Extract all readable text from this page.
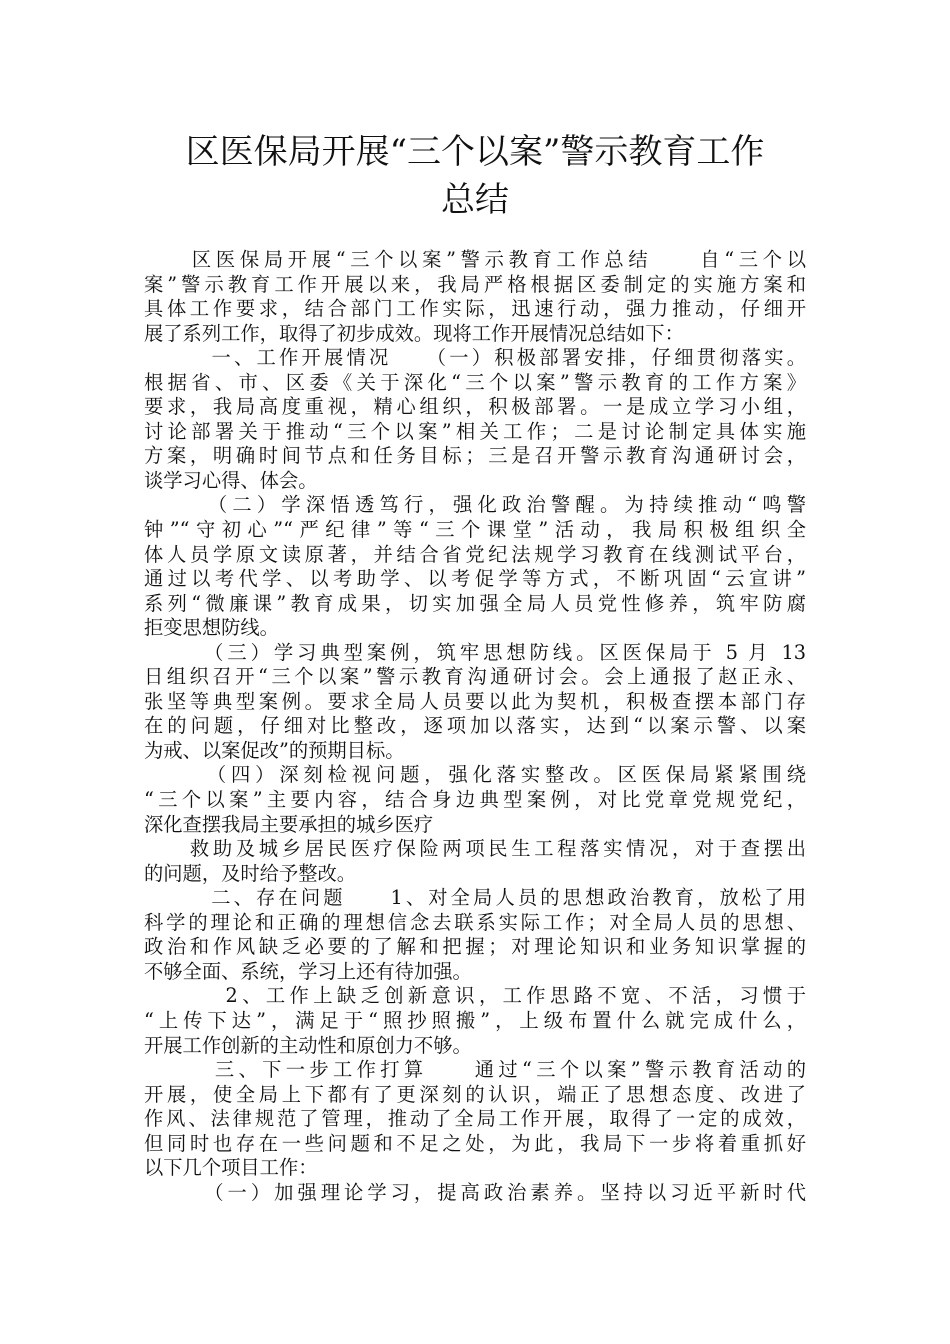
区医保局开展“三个以案”警示教育工作
总结
　　区医保局开展“三个以案”警示教育工作总结　　自“三个以
案”警示教育工作开展以来，我局严格根据区委制定的实施方案和
具体工作要求，结合部门工作实际，迅速行动，强力推动，仔细开
展了系列工作，取得了初步成效。现将工作开展情况总结如下：
　　　一、工作开展情况　　（一）积极部署安排，仔细贯彻落实。
根据省、市、区委《关于深化“三个以案”警示教育的工作方案》
要求，我局高度重视，精心组织，积极部署。一是成立学习小组，
讨论部署关于推动“三个以案”相关工作；二是讨论制定具体实施
方案，明确时间节点和任务目标；三是召开警示教育沟通研讨会，
谈学习心得、体会。
　　　（二）学深悟透笃行，强化政治警醒。为持续推动“鸣警
钟”“守初心”“严纪律”等“三个课堂”活动，我局积极组织全
体人员学原文读原著，并结合省党纪法规学习教育在线测试平台，
通过以考代学、以考助学、以考促学等方式，不断巩固“云宣讲”
系列“微廉课”教育成果，切实加强全局人员党性修养，筑牢防腐
拒变思想防线。
　　　（三）学习典型案例，筑牢思想防线。区医保局于 5 月 13
日组织召开“三个以案”警示教育沟通研讨会。会上通报了赵正永、
张坚等典型案例。要求全局人员要以此为契机，积极查摆本部门存
在的问题，仔细对比整改，逐项加以落实，达到“以案示警、以案
为戒、以案促改”的预期目标。
　　　（四）深刻检视问题，强化落实整改。区医保局紧紧围绕
“三个以案”主要内容，结合身边典型案例，对比党章党规党纪，
深化查摆我局主要承担的城乡医疗
　　救助及城乡居民医疗保险两项民生工程落实情况，对于查摆出
的问题，及时给予整改。
　　　二、存在问题　　1、对全局人员的思想政治教育，放松了用
科学的理论和正确的理想信念去联系实际工作；对全局人员的思想、
政治和作风缺乏必要的了解和把握；对理论知识和业务知识掌握的
不够全面、系统，学习上还有待加强。
　　　 2、工作上缺乏创新意识，工作思路不宽、不活，习惯于
“上传下达”，满足于“照抄照搬”，上级布置什么就完成什么，
开展工作创新的主动性和原创力不够。
　　　三、下一步工作打算　　通过“三个以案”警示教育活动的
开展，使全局上下都有了更深刻的认识，端正了思想态度、改进了
作风、法律规范了管理，推动了全局工作开展，取得了一定的成效，
但同时也存在一些问题和不足之处，为此，我局下一步将着重抓好
以下几个项目工作：
　　　（一）加强理论学习，提高政治素养。坚持以习近平新时代
